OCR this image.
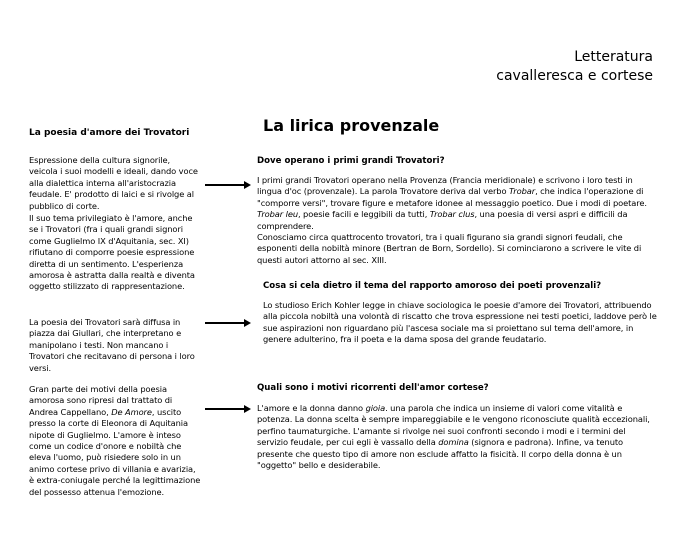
Letteratura
cavalleresca e cortese
La poesia d'amore dei Trovatori
Espressione della cultura signorile, veicola i suoi modelli e ideali, dando voce alla dialettica interna all'aristocrazia feudale. E' prodotto di laici e si rivolge al pubblico di corte.
Il suo tema privilegiato è l'amore, anche se i Trovatori (fra i quali grandi signori come Guglielmo IX d'Aquitania, sec. XI) rifiutano di comporre poesie espressione diretta di un sentimento. L'esperienza amorosa è astratta dalla realtà e diventa oggetto stilizzato di rappresentazione.
La poesia dei Trovatori sarà diffusa in piazza dai Giullari, che interpretano e manipolano i testi. Non mancano i Trovatori che recitavano di persona i loro versi.
Gran parte dei motivi della poesia amorosa sono ripresi dal trattato di Andrea Cappellano, De Amore, uscito presso la corte di Eleonora di Aquitania nipote di Guglielmo. L'amore è inteso come un codice d'onore e nobiltà che eleva l'uomo, può risiedere solo in un animo cortese privo di villania e avarizia, è extra-coniugale perché la legittimazione del possesso attenua l'emozione.
La lirica provenzale
Dove operano i primi grandi Trovatori?
I primi grandi Trovatori operano nella Provenza (Francia meridionale) e scrivono i loro testi in lingua d'oc (provenzale). La parola Trovatore deriva dal verbo Trobar, che indica l'operazione di "comporre versi", trovare figure e metafore idonee al messaggio poetico. Due i modi di poetare. Trobar leu, poesie facili e leggibili da tutti, Trobar clus, una poesia di versi aspri e difficili da comprendere.
Conosciamo circa quattrocento trovatori, tra i quali figurano sia grandi signori feudali, che esponenti della nobiltà minore (Bertran de Born, Sordello). Si cominciarono a scrivere le vite di questi autori attorno al sec. XIII.
Cosa si cela dietro il tema del rapporto amoroso dei poeti provenzali?
Lo studioso Erich Kohler legge in chiave sociologica le poesie d'amore dei Trovatori, attribuendo alla piccola nobiltà una volontà di riscatto che trova espressione nei testi poetici, laddove però le sue aspirazioni non riguardano più l'ascesa sociale ma si proiettano sul tema dell'amore, in genere adulterino, fra il poeta e la dama sposa del grande feudatario.
Quali sono i motivi ricorrenti dell'amor cortese?
L'amore e la donna danno gioia. una parola che indica un insieme di valori come vitalità e potenza. La donna scelta è sempre impareggiabile e le vengono riconosciute qualità eccezionali, perfino taumaturgiche. L'amante si rivolge nei suoi confronti secondo i modi e i termini del servizio feudale, per cui egli è vassallo della domina (signora e padrona). Infine, va tenuto presente che questo tipo di amore non esclude affatto la fisicità. Il corpo della donna è un "oggetto" bello e desiderabile.
